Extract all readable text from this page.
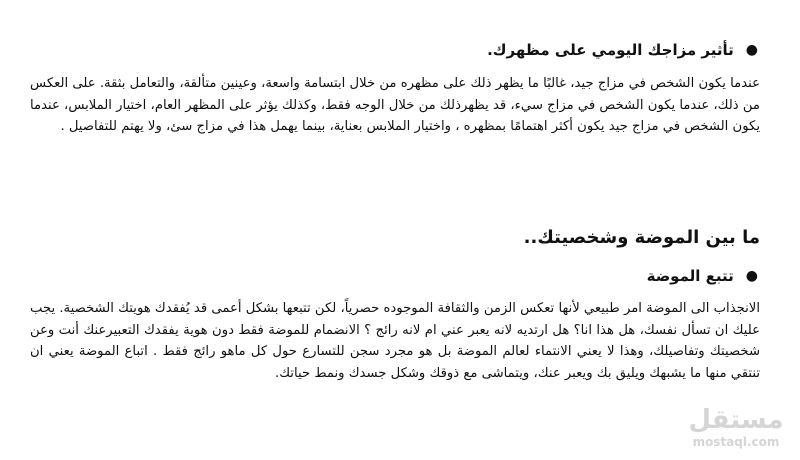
●
تأثير مزاجك اليومي على مظهرك.

عندما يكون الشخص في مزاج جيد، غالبًا ما يظهر ذلك على مظهره من خلال ابتسامة واسعة، وعينين متألقة، والتعامل بثقة. على العكس من ذلك، عندما يكون الشخص في مزاج سيء، قد يظهرذلك من خلال الوجه فقط، وكذلك يؤثر على المظهر العام، اختيار الملابس، عندما يكون الشخص في مزاج جيد يكون أكثر اهتمامًا بمظهره ، واختيار الملابس بعناية، بينما يهمل هذا في مزاج سئ، ولا يهتم للتفاصيل .

ما بين الموضة وشخصيتك..
●
تتبع الموضة

الانجذاب الى الموضة امر طبيعي لأنها تعكس الزمن والثقافة الموجوده حصرياً، لكن تتبعها بشكل أعمى قد يُفقدك هويتك الشخصية. يجب عليك ان تسأل نفسك، هل هذا انا؟ هل ارتديه لانه يعبر عني ام لانه رائج ؟ الانضمام للموضة فقط دون هوية يفقدك التعبيرعنك أنت وعن شخصيتك وتفاصيلك، وهذا لا يعني الانتماء لعالم الموضة بل هو مجرد سجن للتسارع حول كل ماهو رائج فقط . اتباع الموضة يعني ان تنتقي منها ما يشبهك ويليق بك ويعبر عنك، ويتماشى مع ذوقك وشكل جسدك ونمط حياتك.

مستقل
mostaql.com
